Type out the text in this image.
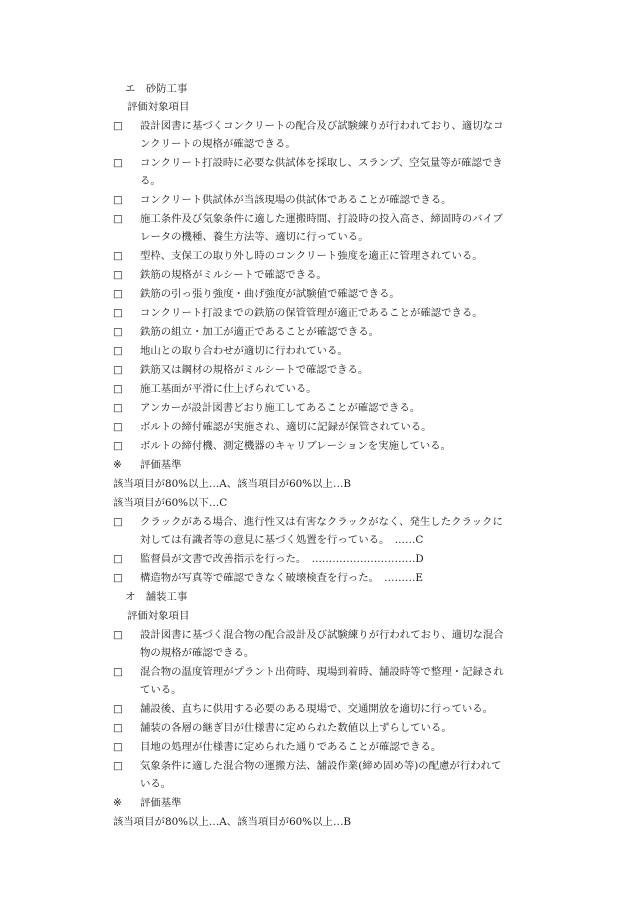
エ　砂防工事
評価対象項目
□ 設計図書に基づくコンクリートの配合及び試験練りが行われており、適切なコ
ンクリートの規格が確認できる。
□ コンクリート打設時に必要な供試体を採取し、スランプ、空気量等が確認でき
る。
□ コンクリート供試体が当該現場の供試体であることが確認できる。
□ 施工条件及び気象条件に適した運搬時間、打設時の投入高さ、締固時のバイブ
レータの機種、養生方法等、適切に行っている。
□ 型枠、支保工の取り外し時のコンクリート強度を適正に管理されている。
□ 鉄筋の規格がミルシートで確認できる。
□ 鉄筋の引っ張り強度・曲げ強度が試験値で確認できる。
□ コンクリート打設までの鉄筋の保管管理が適正であることが確認できる。
□ 鉄筋の組立・加工が適正であることが確認できる。
□ 地山との取り合わせが適切に行われている。
□ 鉄筋又は鋼材の規格がミルシートで確認できる。
□ 施工基面が平滑に仕上げられている。
□ アンカーが設計図書どおり施工してあることが確認できる。
□ ボルトの締付確認が実施され、適切に記録が保管されている。
□ ボルトの締付機、測定機器のキャリブレーションを実施している。
※ 評価基準
該当項目が80%以上…A、該当項目が60%以上…B
該当項目が60%以下…C
□ クラックがある場合、進行性又は有害なクラックがなく、発生したクラックに
対しては有識者等の意見に基づく処置を行っている。　……C
□ 監督員が文書で改善指示を行った。　…………………………D
□ 構造物が写真等で確認できなく破壊検査を行った。　………E
オ　舗装工事
評価対象項目
□ 設計図書に基づく混合物の配合設計及び試験練りが行われており、適切な混合
物の規格が確認できる。
□ 混合物の温度管理がプラント出荷時、現場到着時、舗設時等で整理・記録され
ている。
□ 舗設後、直ちに供用する必要のある現場で、交通開放を適切に行っている。
□ 舗装の各層の継ぎ目が仕様書に定められた数値以上ずらしている。
□ 目地の処理が仕様書に定められた通りであることが確認できる。
□ 気象条件に適した混合物の運搬方法、舗設作業(締め固め等)の配慮が行われて
いる。
※ 評価基準
該当項目が80%以上…A、該当項目が60%以上…B
